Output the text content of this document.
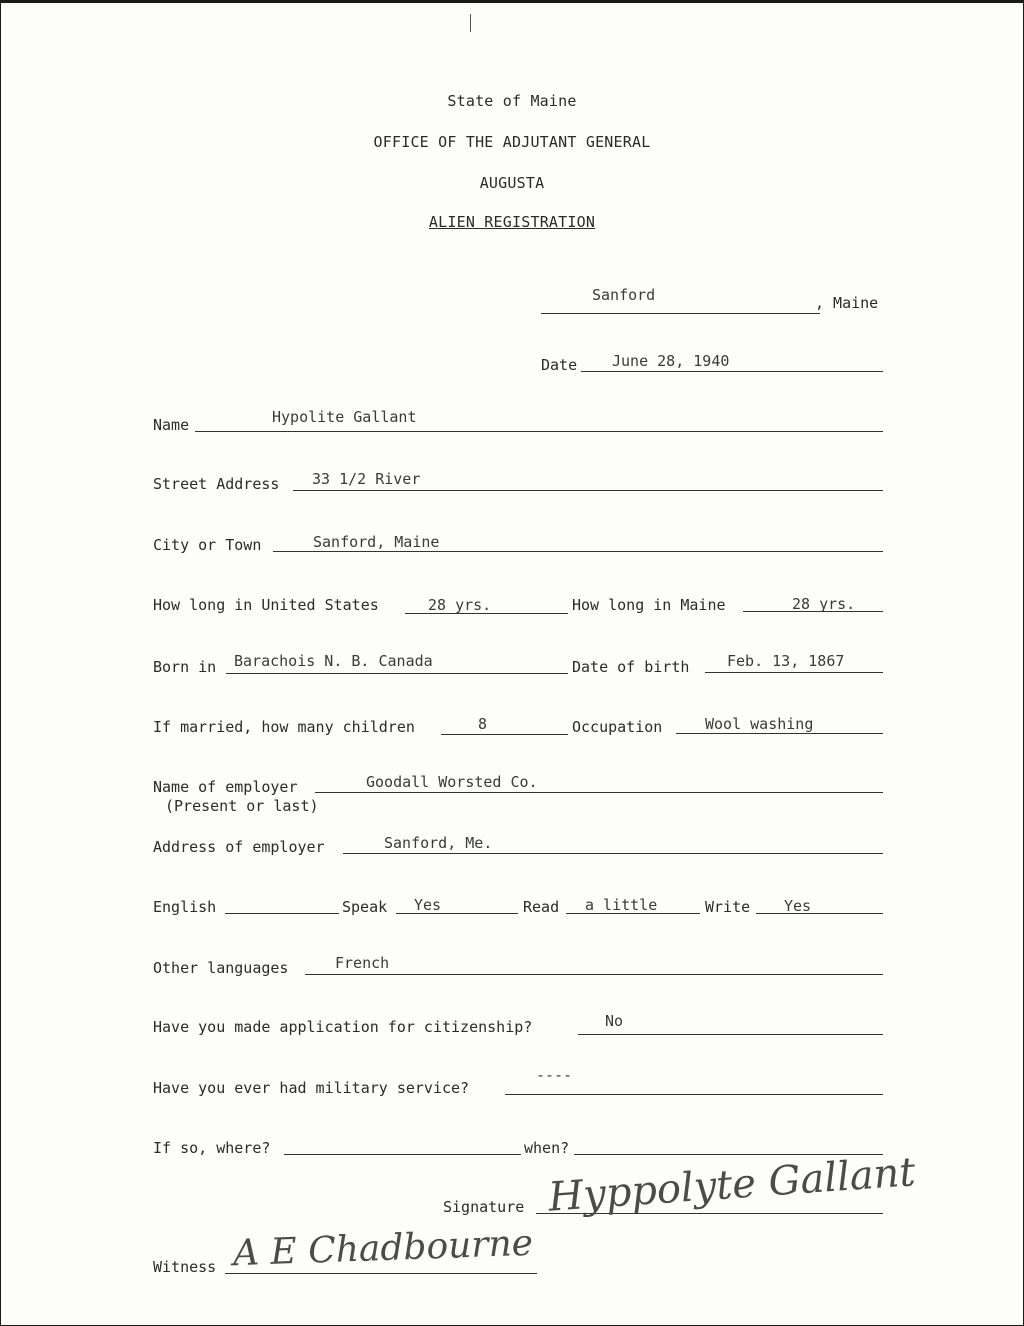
State of Maine
OFFICE OF THE ADJUTANT GENERAL
AUGUSTA
ALIEN REGISTRATION
Sanford	, Maine
Date June 28, 1940
Name	Hypolite Gallant
Street Address 33 1/2 River
City or Town	Sanford, Maine
How long in United States	28 yrs.	How long in Maine	28 yrs.
Born in Barachois N. B. Canada	Date of birth	Feb. 13, 1867
If married, how many children	8	Occupation	Wool washing
Name of employer	Goodall Worsted Co.
(Present or last)
Address of employer	Sanford, Me.
English	Speak Yes	Read a little	Write Yes
Other languages	French
Have you made application for citizenship?	No
Have you ever had military service?
----
If so, where?	when?
Signature Hyppolyte Gallant
Witness A E Chadbourne
